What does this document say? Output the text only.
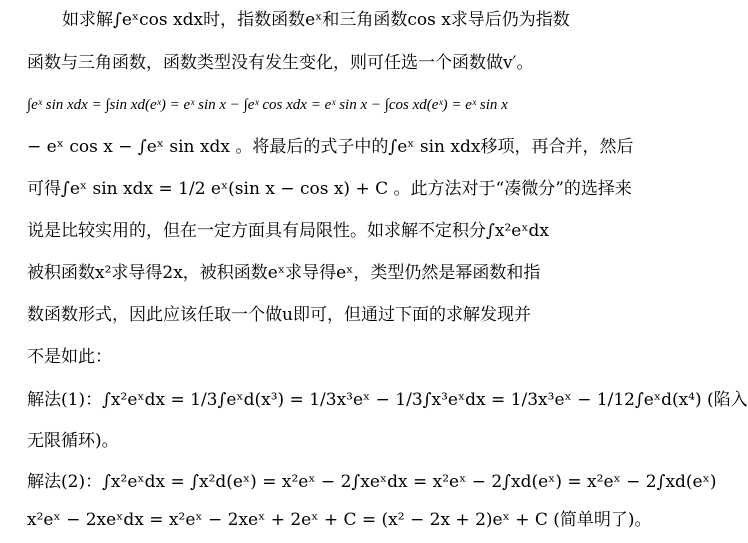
如求解∫eˣcos xdx时，指数函数eˣ和三角函数cos x求导后仍为指数
函数与三角函数，函数类型没有发生变化，则可任选一个函数做v′。
∫eˣ sin xdx = ∫sin xd(eˣ) = eˣ sin x − ∫eˣ cos xdx = eˣ sin x − ∫cos xd(eˣ) = eˣ sin x
− eˣ cos x − ∫eˣ sin xdx 。将最后的式子中的∫eˣ sin xdx移项，再合并，然后
可得∫eˣ sin xdx = 1/2 eˣ(sin x − cos x) + C 。此方法对于“凑微分”的选择来
说是比较实用的，但在一定方面具有局限性。如求解不定积分∫x²eˣdx
被积函数x²求导得2x，被积函数eˣ求导得eˣ，类型仍然是幂函数和指
数函数形式，因此应该任取一个做u即可，但通过下面的求解发现并
不是如此：
解法(1)：∫x²eˣdx = 1/3∫eˣd(x³) = 1/3x³eˣ − 1/3∫x³eˣdx = 1/3x³eˣ − 1/12∫eˣd(x⁴) (陷入
无限循环)。
解法(2)：∫x²eˣdx = ∫x²d(eˣ) = x²eˣ − 2∫xeˣdx = x²eˣ − 2∫xd(eˣ) = x²eˣ − 2∫xd(eˣ)
x²eˣ − 2xeˣdx = x²eˣ − 2xeˣ + 2eˣ + C = (x² − 2x + 2)eˣ + C (简单明了)。
